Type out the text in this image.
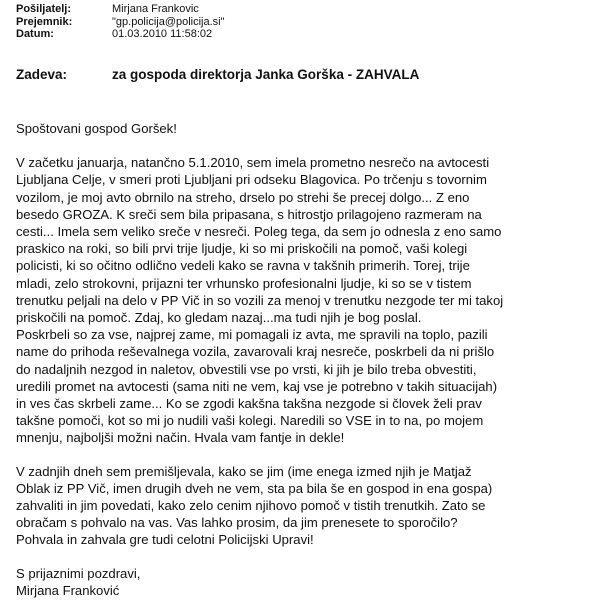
Pošiljatelj:	Mirjana Frankovic
Prejemnik:	"gp.policija@policija.si"
Datum:	01.03.2010 11:58:02
Zadeva:	za gospoda direktorja Janka Gorška - ZAHVALA

Spoštovani gospod Goršek!

V začetku januarja, natančno 5.1.2010, sem imela prometno nesrečo na avtocesti
Ljubljana Celje, v smeri proti Ljubljani pri odseku Blagovica. Po trčenju s tovornim
vozilom, je moj avto obrnilo na streho, drselo po strehi še precej dolgo... Z eno
besedo GROZA. K sreči sem bila pripasana, s hitrostjo prilagojeno razmeram na
cesti... Imela sem veliko sreče v nesreči. Poleg tega, da sem jo odnesla z eno samo
praskico na roki, so bili prvi trije ljudje, ki so mi priskočili na pomoč, vaši kolegi
policisti, ki so očitno odlično vedeli kako se ravna v takšnih primerih. Torej, trije
mladi, zelo strokovni, prijazni ter vrhunsko profesionalni ljudje, ki so se v tistem
trenutku peljali na delo v PP Vič in so vozili za menoj v trenutku nezgode ter mi takoj
priskočili na pomoč. Zdaj, ko gledam nazaj...ma tudi njih je bog poslal.
Poskrbeli so za vse, najprej zame, mi pomagali iz avta, me spravili na toplo, pazili
name do prihoda reševalnega vozila, zavarovali kraj nesreče, poskrbeli da ni prišlo
do nadaljnih nezgod in naletov, obvestili vse po vrsti, ki jih je bilo treba obvestiti,
uredili promet na avtocesti (sama niti ne vem, kaj vse je potrebno v takih situacijah)
in ves čas skrbeli zame... Ko se zgodi kakšna takšna nezgode si človek želi prav
takšne pomoči, kot so mi jo nudili vaši kolegi. Naredili so VSE in to na, po mojem
mnenju, najboljši možni način. Hvala vam fantje in dekle!

V zadnjih dneh sem premišljevala, kako se jim (ime enega izmed njih je Matjaž
Oblak iz PP Vič, imen drugih dveh ne vem, sta pa bila še en gospod in ena gospa)
zahvaliti in jim povedati, kako zelo cenim njihovo pomoč v tistih trenutkih. Zato se
obračam s pohvalo na vas. Vas lahko prosim, da jim prenesete to sporočilo?
Pohvala in zahvala gre tudi celotni Policijski Upravi!

S prijaznimi pozdravi,

Mirjana Franković
